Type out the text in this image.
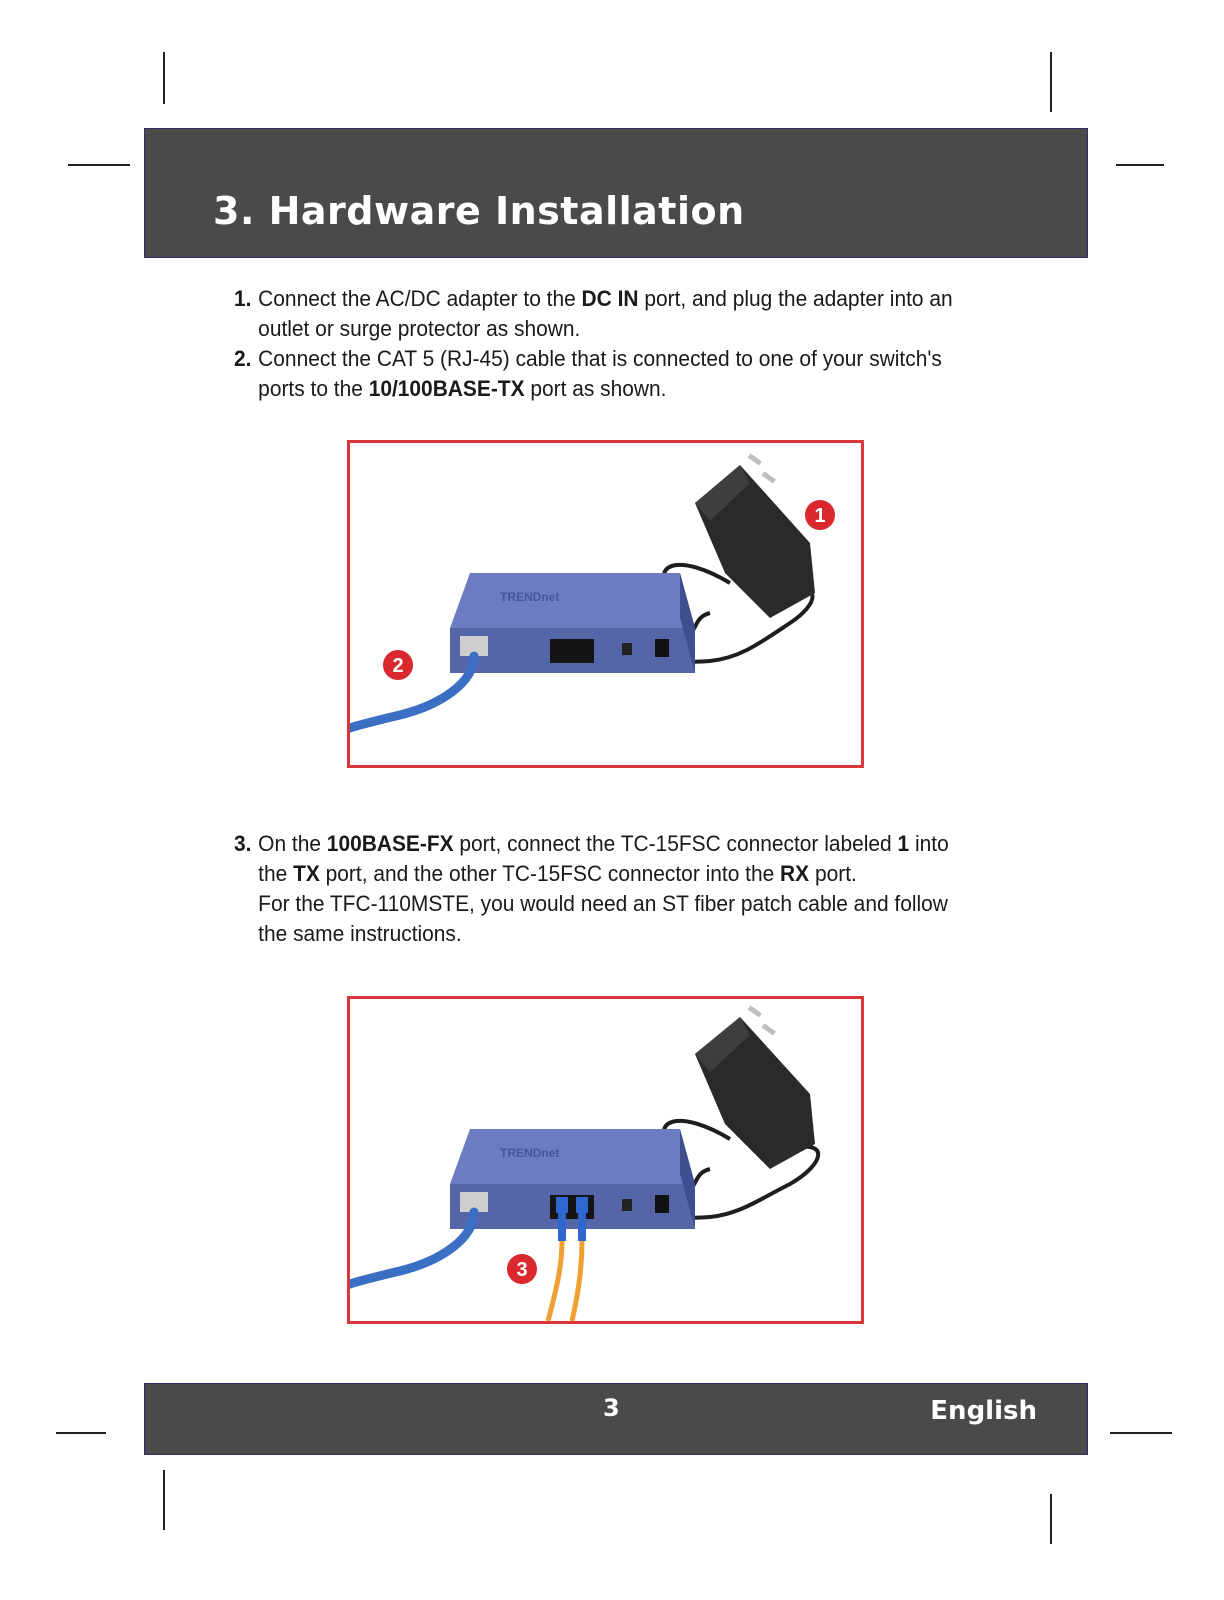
3. Hardware Installation
1. Connect the AC/DC adapter to the DC IN port, and plug the adapter into an
outlet or surge protector as shown.
2. Connect the CAT 5 (RJ-45) cable that is connected to one of your switch's
ports to the 10/100BASE-TX port as shown.
TRENDnet
1
2
3. On the 100BASE-FX port, connect the TC-15FSC connector labeled 1 into
the TX port, and the other TC-15FSC connector into the RX port.
For the TFC-110MSTE, you would need an ST fiber patch cable and follow
the same instructions.
TRENDnet
3
3	English
